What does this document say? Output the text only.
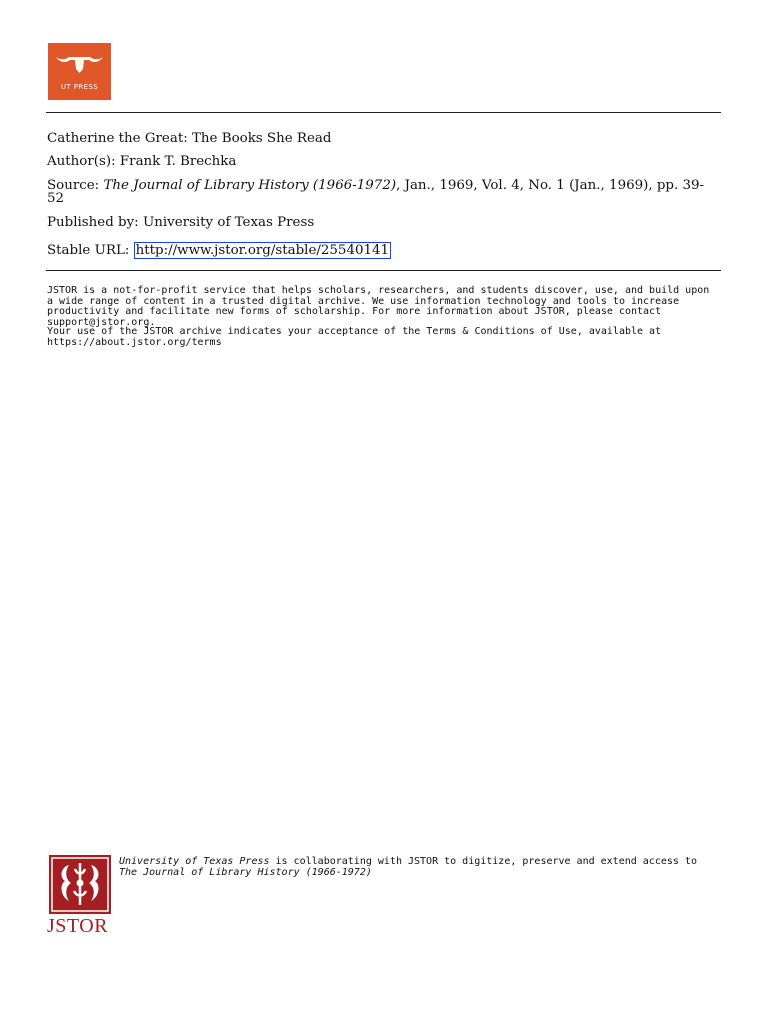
UT PRESS
Catherine the Great: The Books She Read
Author(s): Frank T. Brechka
Source: The Journal of Library History (1966-1972), Jan., 1969, Vol. 4, No. 1 (Jan., 1969), pp. 39-52
Published by: University of Texas Press
Stable URL: http://www.jstor.org/stable/25540141

JSTOR is a not-for-profit service that helps scholars, researchers, and students discover, use, and build upon a wide range of content in a trusted digital archive. We use information technology and tools to increase productivity and facilitate new forms of scholarship. For more information about JSTOR, please contact support@jstor.org.

Your use of the JSTOR archive indicates your acceptance of the Terms & Conditions of Use, available at https://about.jstor.org/terms

JSTOR
University of Texas Press is collaborating with JSTOR to digitize, preserve and extend access to
The Journal of Library History (1966-1972)
